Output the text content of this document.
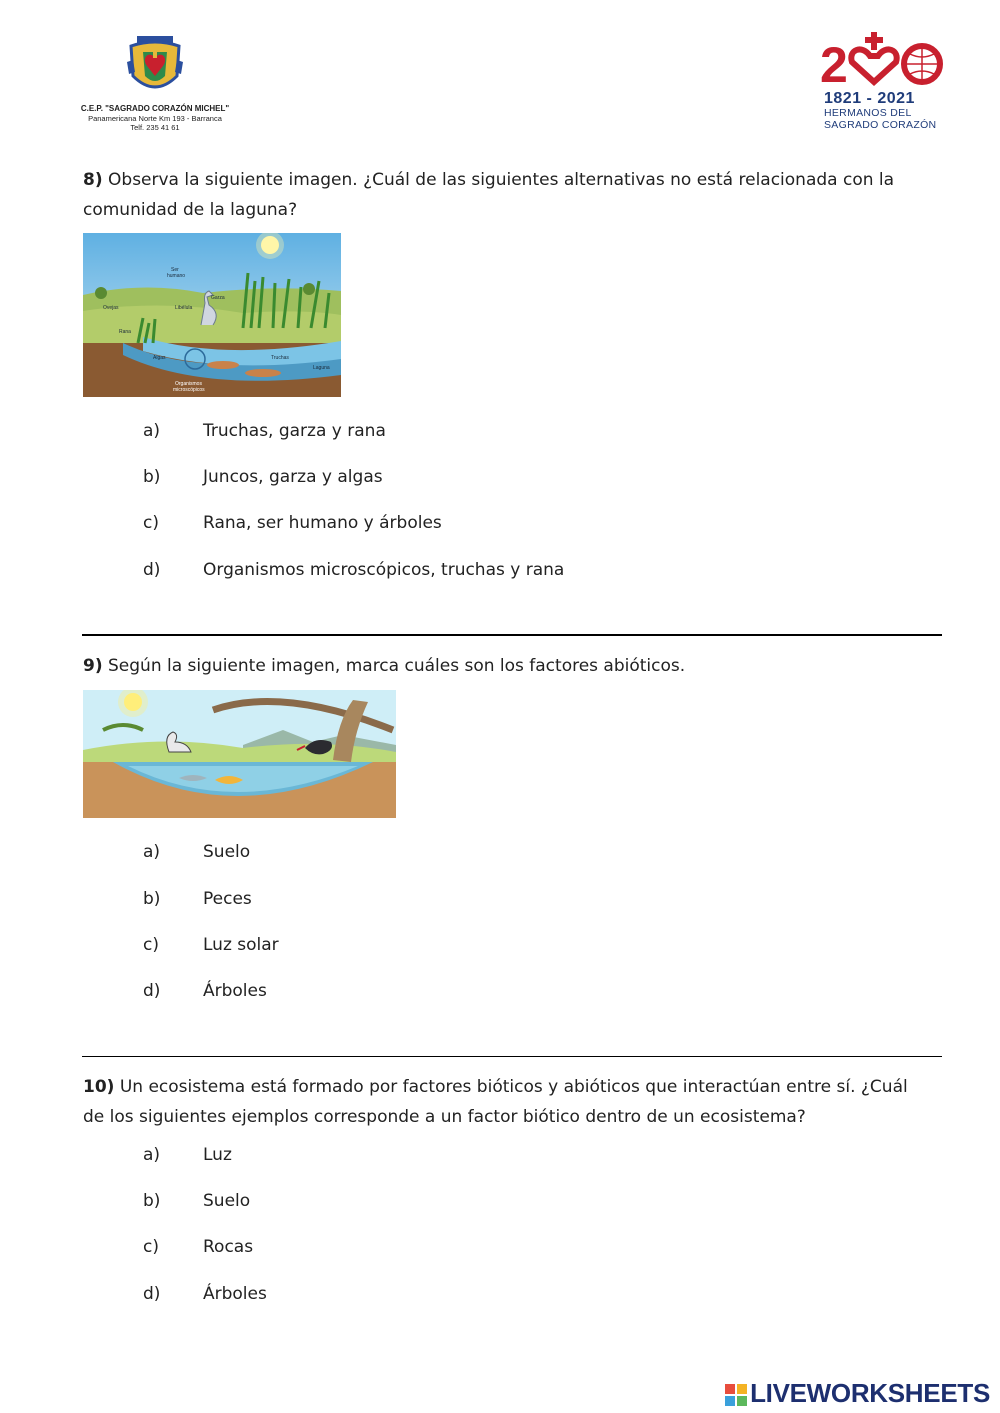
C.E.P. "SAGRADO CORAZÓN MICHEL"
Panamericana Norte Km 193 - Barranca
Telf. 235 41 61
2
1821 - 2021
HERMANOS DEL
SAGRADO CORAZÓN
8) Observa la siguiente imagen. ¿Cuál de las siguientes alternativas no está relacionada con la
comunidad de la laguna?
Ser
humano
Garza
Ovejas	Libélula
Rana
Algas	Truchas
Laguna
Organismos
microscópicos
a)	Truchas, garza y rana
b)	Juncos, garza y algas
c)	Rana, ser humano y árboles
d)	Organismos microscópicos, truchas y rana
9) Según la siguiente imagen, marca cuáles son los factores abióticos.
a)	Suelo
b)	Peces
c)	Luz solar
d)	Árboles
10) Un ecosistema está formado por factores bióticos y abióticos que interactúan entre sí. ¿Cuál
de los siguientes ejemplos corresponde a un factor biótico dentro de un ecosistema?
a)	Luz
b)	Suelo
c)	Rocas
d)	Árboles
LIVEWORKSHEETS
